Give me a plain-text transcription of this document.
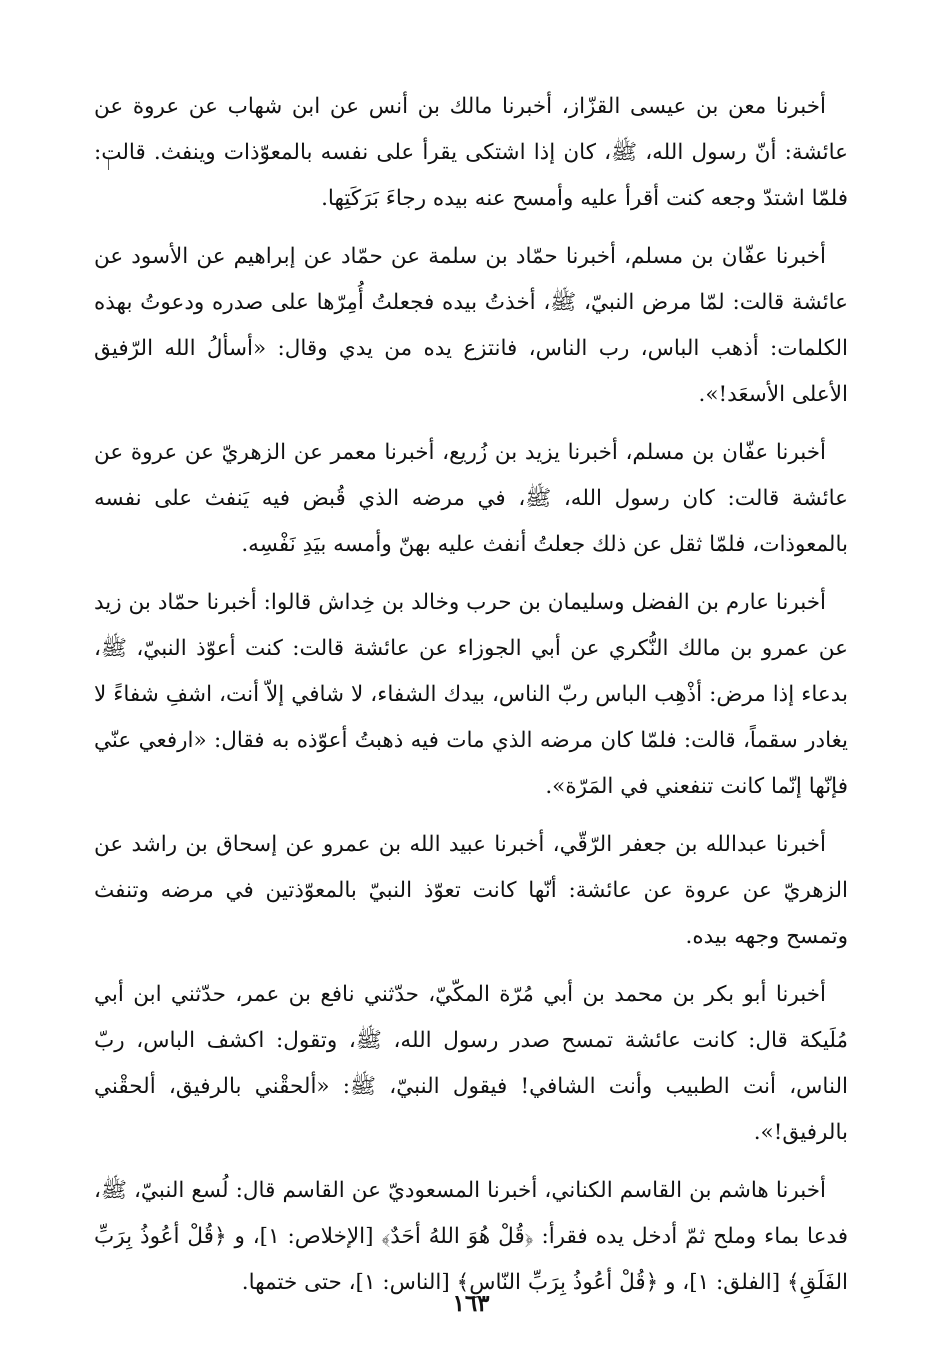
أخبرنا معن بن عيسى القزّاز، أخبرنا مالك بن أنس عن ابن شهاب عن عروة عن عائشة: أنّ رسول الله، ﷺ، كان إذا اشتكى يقرأ على نفسه بالمعوّذات وينفث. قالت: فلمّا اشتدّ وجعه كنت أقرأ عليه وأمسح عنه بيده رجاءَ بَرَكَتِها.

أخبرنا عفّان بن مسلم، أخبرنا حمّاد بن سلمة عن حمّاد عن إبراهيم عن الأسود عن عائشة قالت: لمّا مرض النبيّ، ﷺ، أخذتُ بيده فجعلتُ أُمِرّها على صدره ودعوتُ بهذه الكلمات: أذهب الباس، رب الناس، فانتزع يده من يدي وقال: «أسألُ الله الرّفيق الأعلى الأسعَد!».

أخبرنا عفّان بن مسلم، أخبرنا يزيد بن زُريع، أخبرنا معمر عن الزهريّ عن عروة عن عائشة قالت: كان رسول الله، ﷺ، في مرضه الذي قُبض فيه يَنفث على نفسه بالمعوذات، فلمّا ثقل عن ذلك جعلتُ أنفث عليه بهنّ وأمسه بيَدِ نَفْسِه.

أخبرنا عارم بن الفضل وسليمان بن حرب وخالد بن خِداش قالوا: أخبرنا حمّاد بن زيد عن عمرو بن مالك النُّكري عن أبي الجوزاء عن عائشة قالت: كنت أعوّذ النبيّ، ﷺ، بدعاء إذا مرض: أذْهِب الباس ربّ الناس، بيدك الشفاء، لا شافي إلاّ أنت، اشفِ شفاءً لا يغادر سقماً، قالت: فلمّا كان مرضه الذي مات فيه ذهبتُ أعوّذه به فقال: «ارفعي عنّي فإنّها إنّما كانت تنفعني في المَرّة».

أخبرنا عبدالله بن جعفر الرّقّي، أخبرنا عبيد الله بن عمرو عن إسحاق بن راشد عن الزهريّ عن عروة عن عائشة: أنّها كانت تعوّذ النبيّ بالمعوّذتين في مرضه وتنفث وتمسح وجهه بيده.

أخبرنا أبو بكر بن محمد بن أبي مُرّة المكّيّ، حدّثني نافع بن عمر، حدّثني ابن أبي مُلَيكة قال: كانت عائشة تمسح صدر رسول الله، ﷺ، وتقول: اكشف الباس، ربّ الناس، أنت الطبيب وأنت الشافي! فيقول النبيّ، ﷺ: «ألحقْني بالرفيق، ألحقْني بالرفيق!».

أخبرنا هاشم بن القاسم الكناني، أخبرنا المسعوديّ عن القاسم قال: لُسع النبيّ، ﷺ، فدعا بماء وملح ثمّ أدخل يده فقرأ: ﴿قُلْ هُوَ اللهُ أحَدٌ﴾ [الإخلاص: ١]، و ﴿قُلْ أعُوذُ بِرَبِّ الفَلَقِ﴾ [الفلق: ١]، و ﴿قُلْ أعُوذُ بِرَبِّ النّاسِ﴾ [الناس: ١]، حتى ختمها.

١٦٣
